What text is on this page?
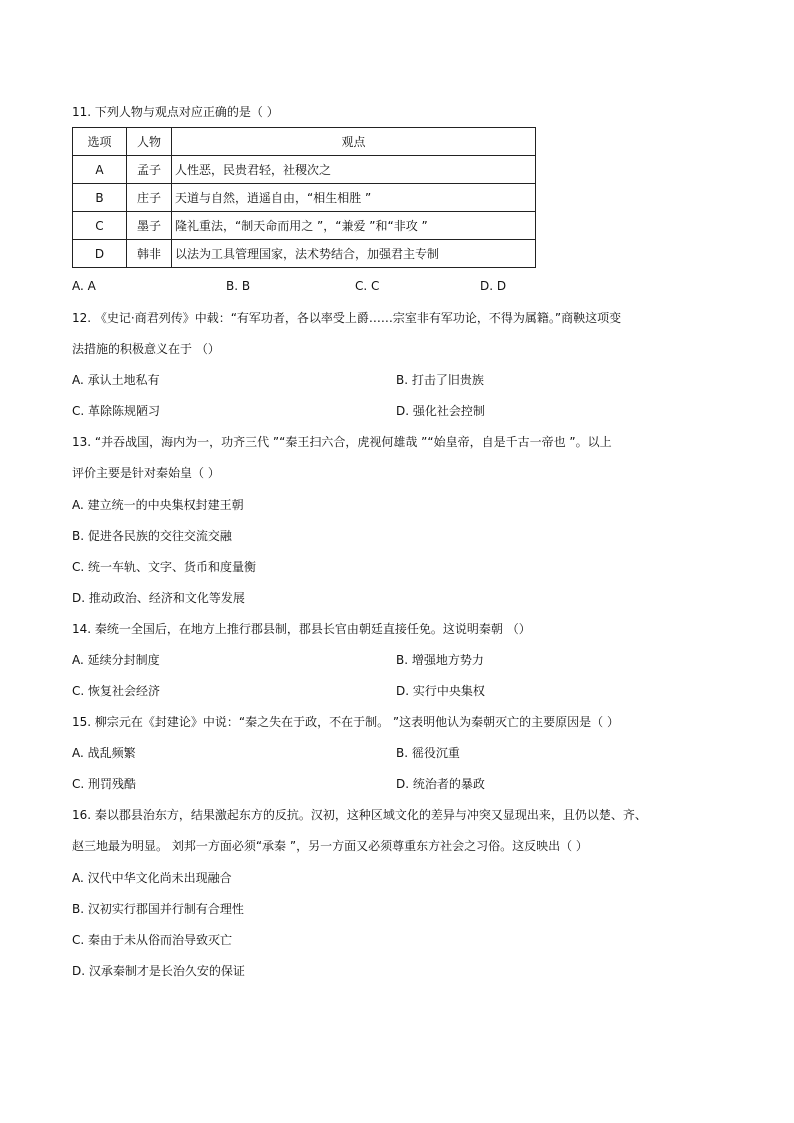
11. 下列人物与观点对应正确的是（ ）
选项	人物	观点
A	孟子	人性恶，民贵君轻，社稷次之
B	庄子	天道与自然，逍遥自由，“相生相胜 ”
C	墨子	隆礼重法，“制天命而用之 ”，“兼爱 ”和“非攻 ”
D	韩非	以法为工具管理国家，法术势结合，加强君主专制
A. A	B. B	C. C	D. D
12. 《史记·商君列传》中载：“有军功者，各以率受上爵……宗室非有军功论，不得为属籍。”商鞅这项变
法措施的积极意义在于 （）
A. 承认土地私有	B. 打击了旧贵族
C. 革除陈规陋习	D. 强化社会控制
13. “并吞战国，海内为一，功齐三代 ”“秦王扫六合，虎视何雄哉 ”“始皇帝，自是千古一帝也 ”。以上
评价主要是针对秦始皇（ ）
A. 建立统一的中央集权封建王朝
B. 促进各民族的交往交流交融
C. 统一车轨、文字、货币和度量衡
D. 推动政治、经济和文化等发展
14. 秦统一全国后，在地方上推行郡县制，郡县长官由朝廷直接任免。这说明秦朝 （）
A. 延续分封制度	B. 增强地方势力
C. 恢复社会经济	D. 实行中央集权
15. 柳宗元在《封建论》中说：“秦之失在于政，不在于制。 ”这表明他认为秦朝灭亡的主要原因是（ ）
A. 战乱频繁	B. 徭役沉重
C. 刑罚残酷	D. 统治者的暴政
16. 秦以郡县治东方，结果激起东方的反抗。汉初，这种区域文化的差异与冲突又显现出来，且仍以楚、齐、
赵三地最为明显。 刘邦一方面必须“承秦 ”，另一方面又必须尊重东方社会之习俗。这反映出（ ）
A. 汉代中华文化尚未出现融合
B. 汉初实行郡国并行制有合理性
C. 秦由于未从俗而治导致灭亡
D. 汉承秦制才是长治久安的保证
